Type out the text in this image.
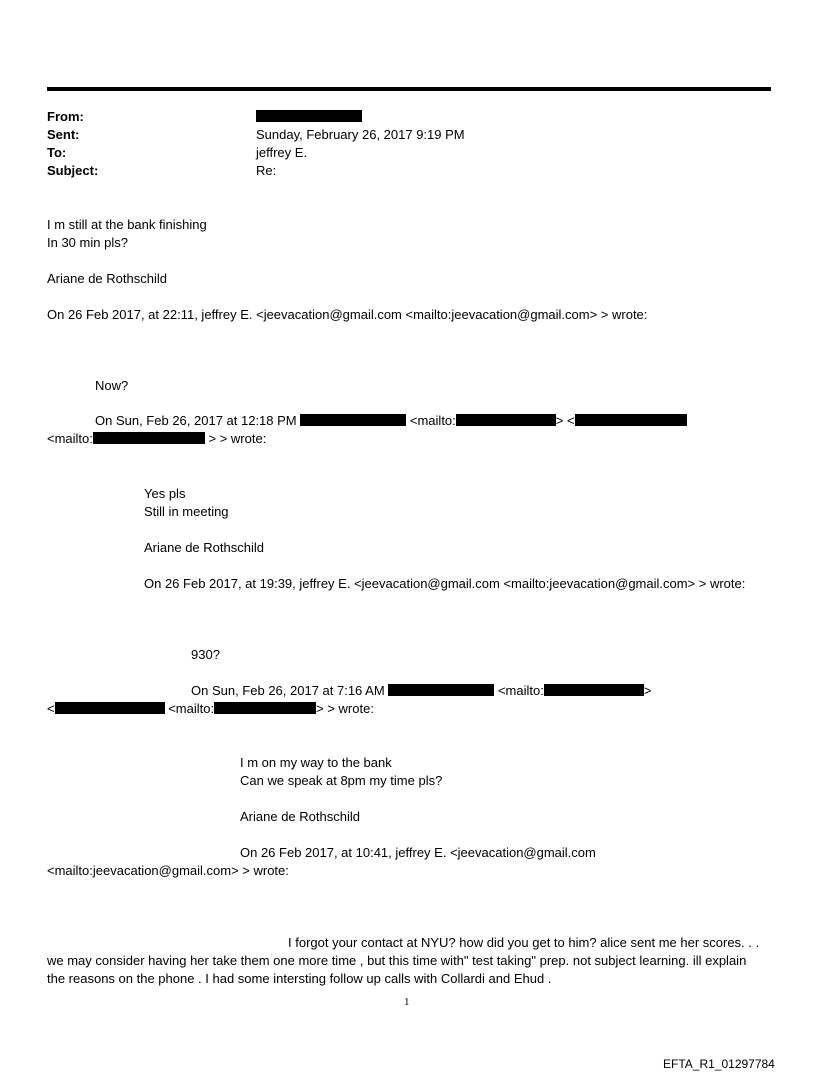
From:
Sent:	Sunday, February 26, 2017 9:19 PM
To:	jeffrey E.
Subject:	Re:
I m still at the bank finishing
In 30 min pls?
Ariane de Rothschild
On 26 Feb 2017, at 22:11, jeffrey E. <jeevacation@gmail.com <mailto:jeevacation@gmail.com> > wrote:
Now?
On Sun, Feb 26, 2017 at 12:18 PM	<mailto:	> <
<mailto:	> > wrote:
Yes pls
Still in meeting
Ariane de Rothschild
On 26 Feb 2017, at 19:39, jeffrey E. <jeevacation@gmail.com <mailto:jeevacation@gmail.com> > wrote:
930?
On Sun, Feb 26, 2017 at 7:16 AM	<mailto:	>
<	<mailto:	> > wrote:
I m on my way to the bank
Can we speak at 8pm my time pls?
Ariane de Rothschild
On 26 Feb 2017, at 10:41, jeffrey E. <jeevacation@gmail.com
<mailto:jeevacation@gmail.com> > wrote:
I forgot your contact at NYU? how did you get to him? alice sent me her scores. . . we may consider having her take them one more time , but this time with" test taking" prep. not subject learning. ill explain the reasons on the phone . I had some intersting follow up calls with Collardi and Ehud .
1
EFTA_R1_01297784
